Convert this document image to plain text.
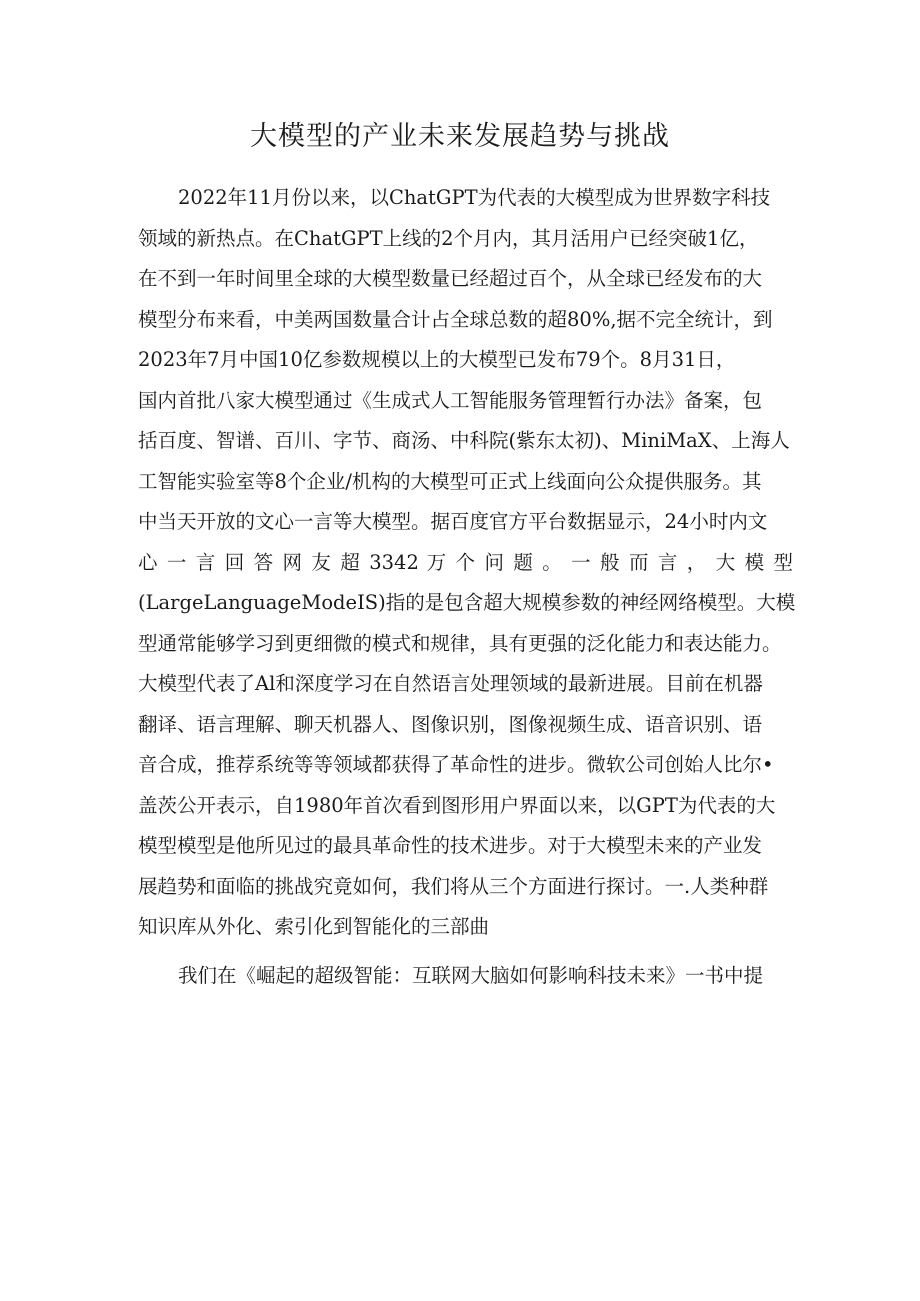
大模型的产业未来发展趋势与挑战

2022年11月份以来，以ChatGPT为代表的大模型成为世界数字科技

领域的新热点。在ChatGPT上线的2个月内，其月活用户已经突破1亿，

在不到一年时间里全球的大模型数量已经超过百个，从全球已经发布的大

模型分布来看，中美两国数量合计占全球总数的超80%,据不完全统计，到

2023年7月中国10亿参数规模以上的大模型已发布79个。8月31日，

国内首批八家大模型通过《生成式人工智能服务管理暂行办法》备案，包

括百度、智谱、百川、字节、商汤、中科院(紫东太初)、MiniMaX、上海人

工智能实验室等8个企业/机构的大模型可正式上线面向公众提供服务。其

中当天开放的文心一言等大模型。据百度官方平台数据显示，24小时内文

心 一 言 回 答 网 友 超 3342 万 个 问 题 。 一 般 而 言 ， 大 模 型

(LargeLanguageModeIS)指的是包含超大规模参数的神经网络模型。大模

型通常能够学习到更细微的模式和规律，具有更强的泛化能力和表达能力。

大模型代表了Al和深度学习在自然语言处理领域的最新进展。目前在机器

翻译、语言理解、聊天机器人、图像识别，图像视频生成、语音识别、语

音合成，推荐系统等等领域都获得了革命性的进步。微软公司创始人比尔•

盖茨公开表示，自1980年首次看到图形用户界面以来，以GPT为代表的大

模型模型是他所见过的最具革命性的技术进步。对于大模型未来的产业发

展趋势和面临的挑战究竟如何，我们将从三个方面进行探讨。一.人类种群

知识库从外化、索引化到智能化的三部曲

我们在《崛起的超级智能：互联网大脑如何影响科技未来》一书中提
